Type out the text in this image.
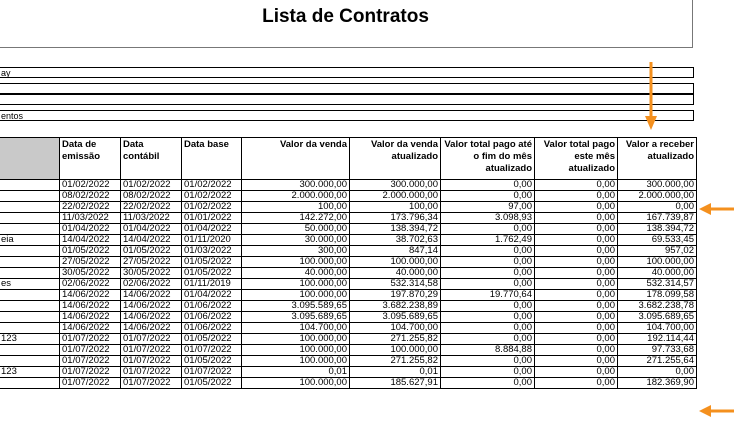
Lista de Contratos
ay
entos
	Data de emissão	Data contábil	Data base	Valor da venda	Valor da venda atualizado	Valor total pago até o fim do mês atualizado	Valor total pago este mês atualizado	Valor a receber atualizado
	01/02/2022	01/02/2022	01/02/2022	300.000,00	300.000,00	0,00	0,00	300.000,00
	08/02/2022	08/02/2022	01/02/2022	2.000.000,00	2.000.000,00	0,00	0,00	2.000.000,00
	22/02/2022	22/02/2022	01/02/2022	100,00	100,00	97,00	0,00	0,00
	11/03/2022	11/03/2022	01/01/2022	142.272,00	173.796,34	3.098,93	0,00	167.739,87
	01/04/2022	01/04/2022	01/04/2022	50.000,00	138.394,72	0,00	0,00	138.394,72
eia	14/04/2022	14/04/2022	01/11/2020	30.000,00	38.702,63	1.762,49	0,00	69.533,45
	01/05/2022	01/05/2022	01/03/2022	300,00	847,14	0,00	0,00	957,02
	27/05/2022	27/05/2022	01/05/2022	100.000,00	100.000,00	0,00	0,00	100.000,00
	30/05/2022	30/05/2022	01/05/2022	40.000,00	40.000,00	0,00	0,00	40.000,00
es	02/06/2022	02/06/2022	01/11/2019	100.000,00	532.314,58	0,00	0,00	532.314,57
	14/06/2022	14/06/2022	01/04/2022	100.000,00	197.870,29	19.770,64	0,00	178.099,58
	14/06/2022	14/06/2022	01/06/2022	3.095.589,65	3.682.238,89	0,00	0,00	3.682.238,78
	14/06/2022	14/06/2022	01/06/2022	3.095.689,65	3.095.689,65	0,00	0,00	3.095.689,65
	14/06/2022	14/06/2022	01/06/2022	104.700,00	104.700,00	0,00	0,00	104.700,00
123	01/07/2022	01/07/2022	01/05/2022	100.000,00	271.255,82	0,00	0,00	192.114,44
	01/07/2022	01/07/2022	01/07/2022	100.000,00	100.000,00	8.884,88	0,00	97.733,68
	01/07/2022	01/07/2022	01/05/2022	100.000,00	271.255,82	0,00	0,00	271.255,64
123	01/07/2022	01/07/2022	01/07/2022	0,01	0,01	0,00	0,00	0,00
	01/07/2022	01/07/2022	01/05/2022	100.000,00	185.627,91	0,00	0,00	182.369,90
